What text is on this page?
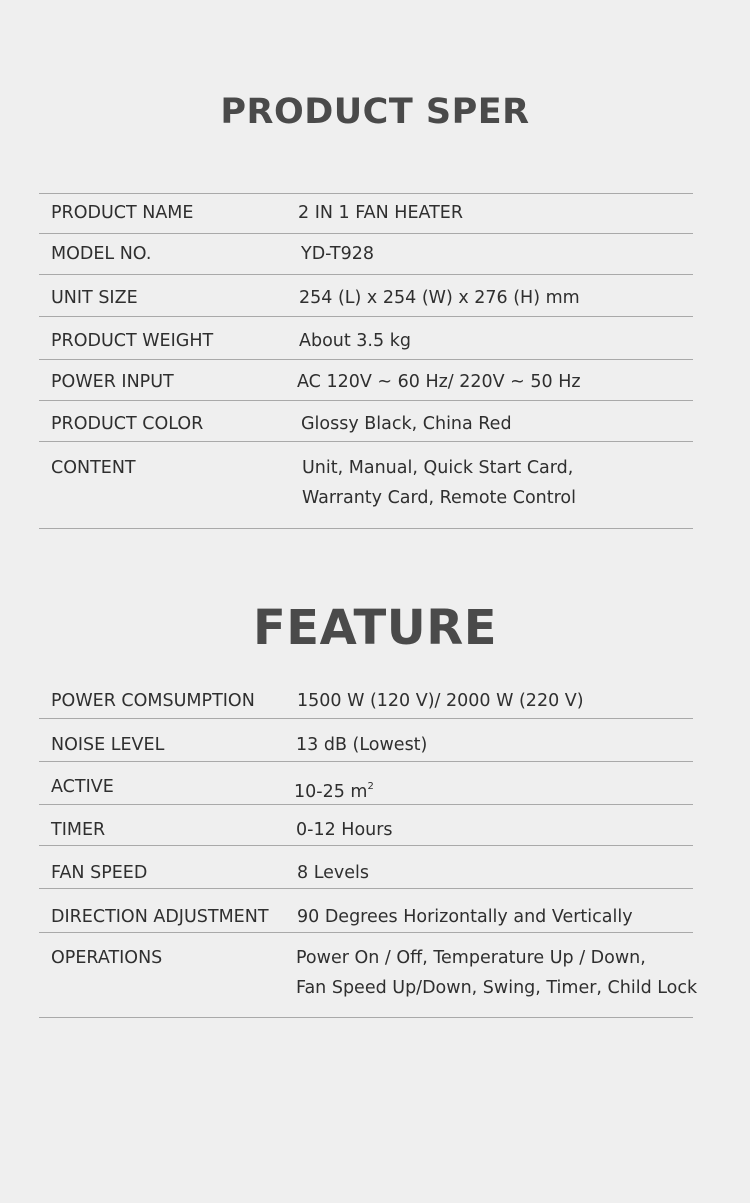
PRODUCT SPER
PRODUCT NAME	2 IN 1 FAN HEATER
MODEL NO.	YD-T928
UNIT SIZE	254 (L) x 254 (W) x 276 (H) mm
PRODUCT WEIGHT	About 3.5 kg
POWER INPUT	AC 120V ~ 60 Hz/ 220V ~ 50 Hz
PRODUCT COLOR	Glossy Black, China Red
CONTENT	Unit, Manual, Quick Start Card,
Warranty Card, Remote Control
FEATURE
POWER COMSUMPTION 1500 W (120 V)/ 2000 W (220 V)
NOISE LEVEL	13 dB (Lowest)
ACTIVE	10-25 $m^2$
TIMER	0-12 Hours
FAN SPEED	8 Levels
DIRECTION ADJUSTMENT 90 Degrees Horizontally and Vertically
OPERATIONS	Power On / Off, Temperature Up / Down,
Fan Speed Up/Down, Swing, Timer, Child Lock
